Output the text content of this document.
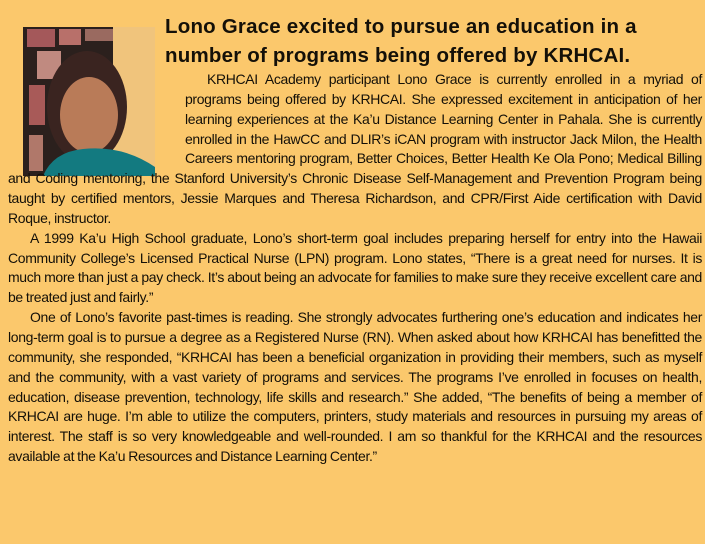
Lono Grace excited to pursue an education in a number of programs being offered by KRHCAI.

KRHCAI Academy participant Lono Grace is currently enrolled in a myriad of programs being offered by KRHCAI. She expressed excitement in anticipation of her learning experiences at the Ka’u Distance Learning Center in Pahala. She is currently enrolled in the HawCC and DLIR’s iCAN program with instructor Jack Milon, the Health Careers mentoring program, Better Choices, Better Health Ke Ola Pono; Medical Billing and Coding mentoring, the Stanford University’s Chronic Disease Self-Management and Prevention Program being taught by certified mentors, Jessie Marques and Theresa Richardson, and CPR/First Aide certification with David Roque, instructor.

A 1999 Ka’u High School graduate, Lono’s short-term goal includes preparing herself for entry into the Hawaii Community College’s Licensed Practical Nurse (LPN) program. Lono states, “There is a great need for nurses. It is much more than just a pay check. It’s about being an advocate for families to make sure they receive excellent care and be treated just and fairly.”

One of Lono’s favorite past-times is reading. She strongly advocates furthering one’s education and indicates her long-term goal is to pursue a degree as a Registered Nurse (RN). When asked about how KRHCAI has benefitted the community, she responded, “KRHCAI has been a beneficial organization in providing their members, such as myself and the community, with a vast variety of programs and services. The programs I’ve enrolled in focuses on health, education, disease prevention, technology, life skills and research.” She added, “The benefits of being a member of KRHCAI are huge. I’m able to utilize the computers, printers, study materials and resources in pursuing my areas of interest. The staff is so very knowledgeable and well-rounded. I am so thankful for the KRHCAI and the resources available at the Ka’u Resources and Distance Learning Center.”
